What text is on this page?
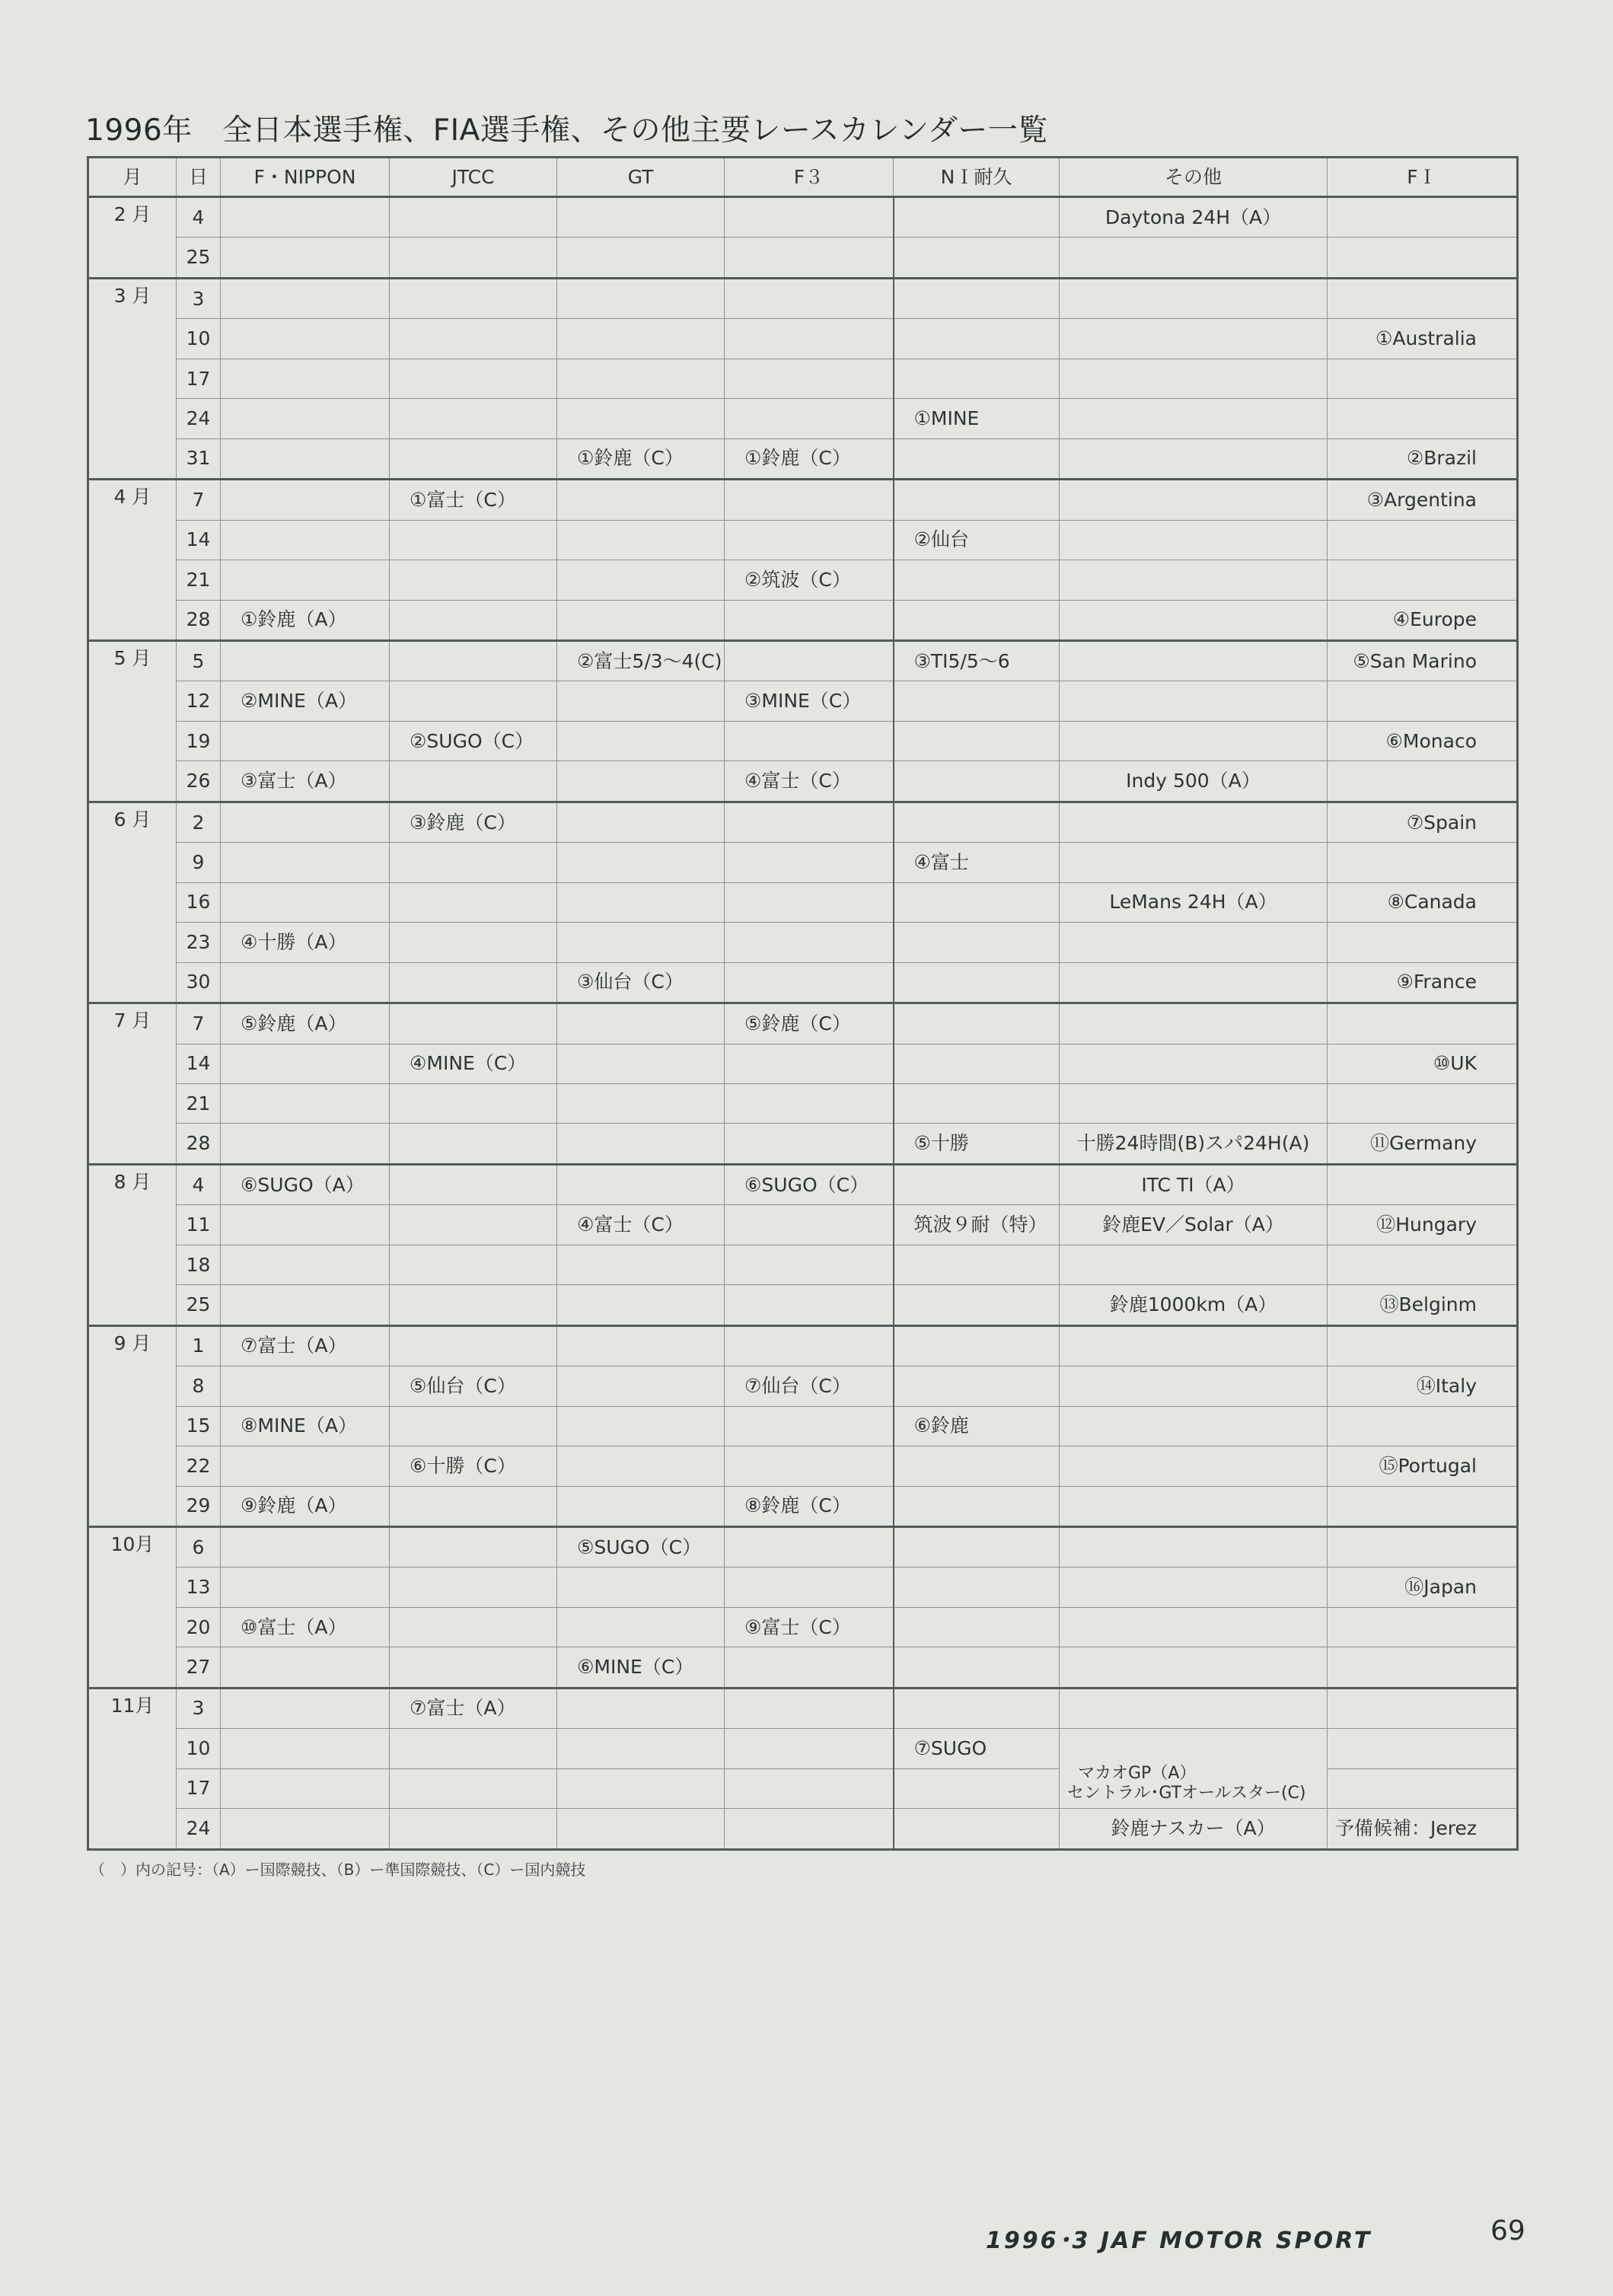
1996年　全日本選手権、FIA選手権、その他主要レースカレンダー一覧
月	日	F・NIPPON	JTCC	GT	F３	NＩ耐久	その他	FＩ
2 月	4						Daytona 24H（A）	
	25							
3 月	3							
	10							①Australia
	17							
	24					①MINE		
	31			①鈴鹿（C）	①鈴鹿（C）			②Brazil
4 月	7		①富士（C）					③Argentina
	14					②仙台		
	21				②筑波（C）			
	28	①鈴鹿（A）						④Europe
5 月	5			②富士5/3〜4(C)		③TI5/5〜6		⑤San Marino
	12	②MINE（A）			③MINE（C）			
	19		②SUGO（C）					⑥Monaco
	26	③富士（A）			④富士（C）		Indy 500（A）	
6 月	2		③鈴鹿（C）					⑦Spain
	9					④富士		
	16						LeMans 24H（A）	⑧Canada
	23	④十勝（A）						
	30			③仙台（C）				⑨France
7 月	7	⑤鈴鹿（A）			⑤鈴鹿（C）			
	14		④MINE（C）					⑩UK
	21							
	28					⑤十勝	十勝24時間(B)スパ24H(A)	⑪Germany
8 月	4	⑥SUGO（A）			⑥SUGO（C）		ITC TI（A）	
	11			④富士（C）		筑波９耐（特）	鈴鹿EV／Solar（A）	⑫Hungary
	18							
	25						鈴鹿1000km（A）	⑬Belginm
9 月	1	⑦富士（A）						
	8		⑤仙台（C）		⑦仙台（C）			⑭Italy
	15	⑧MINE（A）				⑥鈴鹿		
	22		⑥十勝（C）					⑮Portugal
	29	⑨鈴鹿（A）			⑧鈴鹿（C）			
10月	6			⑤SUGO（C）				
	13							⑯Japan
	20	⑩富士（A）			⑨富士（C）			
	27			⑥MINE（C）				
11月	3		⑦富士（A）					
	10					⑦SUGO	マカオGP（A）
セントラル･GTオールスター(C)	

	17							
	24						鈴鹿ナスカー（A）	予備候補：Jerez
（　）内の記号：（A）ー国際競技、（B）ー準国際競技、（C）ー国内競技
1996･3 JAF MOTOR SPORT	69
